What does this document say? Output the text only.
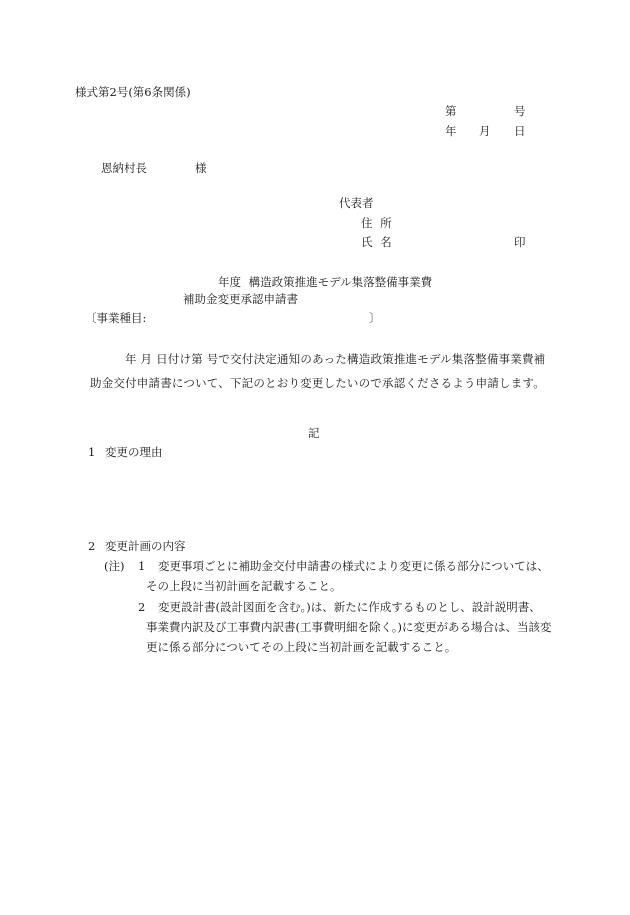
様式第2号(第6条関係)
第	号
年 月 日
恩納村長	様
代表者
住 所
氏 名	印
年度 構造政策推進モデル集落整備事業費
補助金変更承認申請書
〔事業種目:	〕
年 月 日付け第 号で交付決定通知のあった構造政策推進モデル集落整備事業費補助金交付申請書について、下記のとおり変更したいので承認くださるよう申請します。
記
1 変更の理由
2 変更計画の内容
(注) 1	変更事項ごとに補助金交付申請書の様式により変更に係る部分については、その上段に当初計画を記載すること。
2	変更設計書(設計図面を含む。)は、新たに作成するものとし、設計説明書、事業費内訳及び工事費内訳書(工事費明細を除く。)に変更がある場合は、当該変更に係る部分についてその上段に当初計画を記載すること。
